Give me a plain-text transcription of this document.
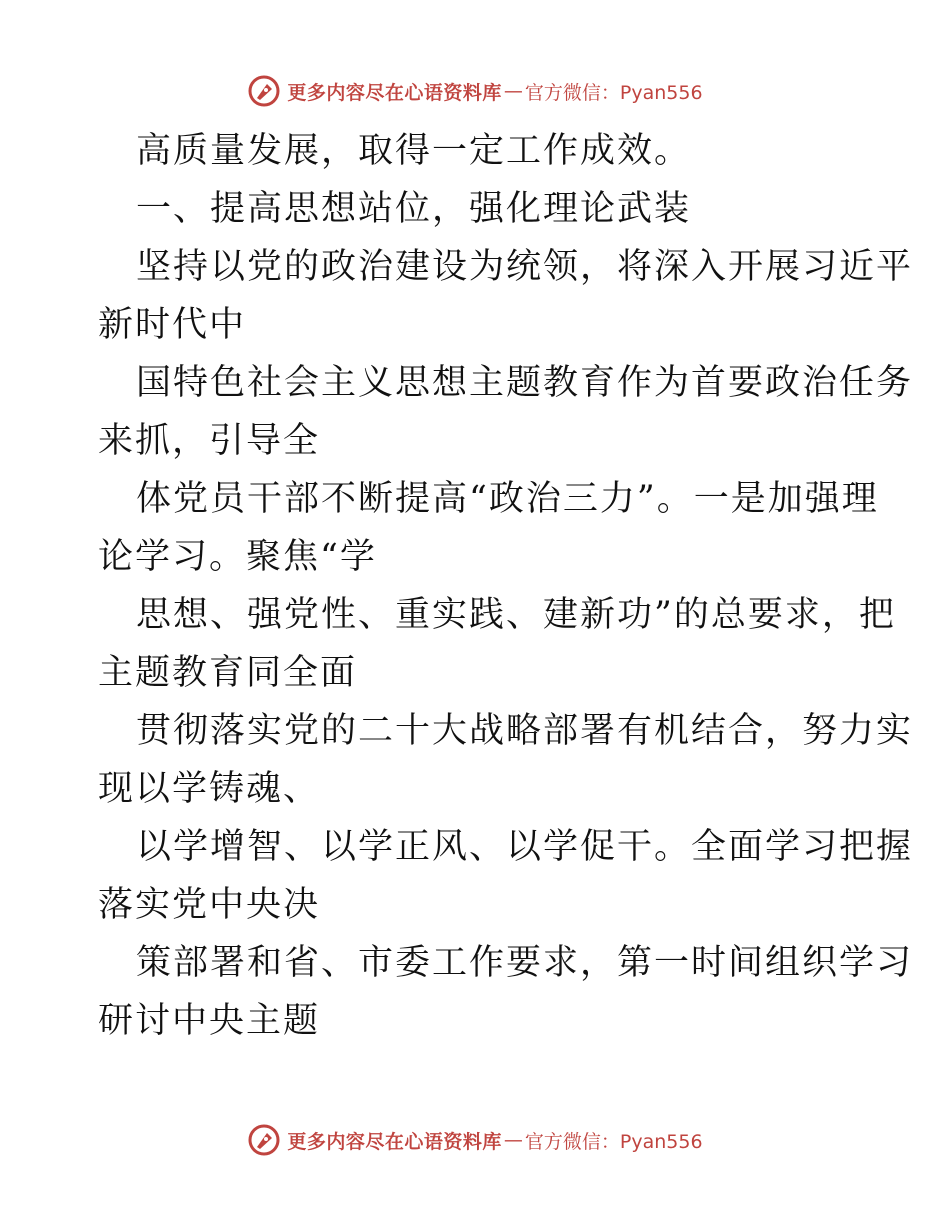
更多内容尽在心语资料库 — 官方微信：Pyan556
高质量发展，取得一定工作成效。
一、提高思想站位，强化理论武装
坚持以党的政治建设为统领，将深入开展习近平
新时代中
国特色社会主义思想主题教育作为首要政治任务
来抓，引导全
体党员干部不断提高“政治三力”。一是加强理
论学习。聚焦“学
思想、强党性、重实践、建新功”的总要求，把
主题教育同全面
贯彻落实党的二十大战略部署有机结合，努力实
现以学铸魂、
以学增智、以学正风、以学促干。全面学习把握
落实党中央决
策部署和省、市委工作要求，第一时间组织学习
研讨中央主题
更多内容尽在心语资料库 — 官方微信：Pyan556
